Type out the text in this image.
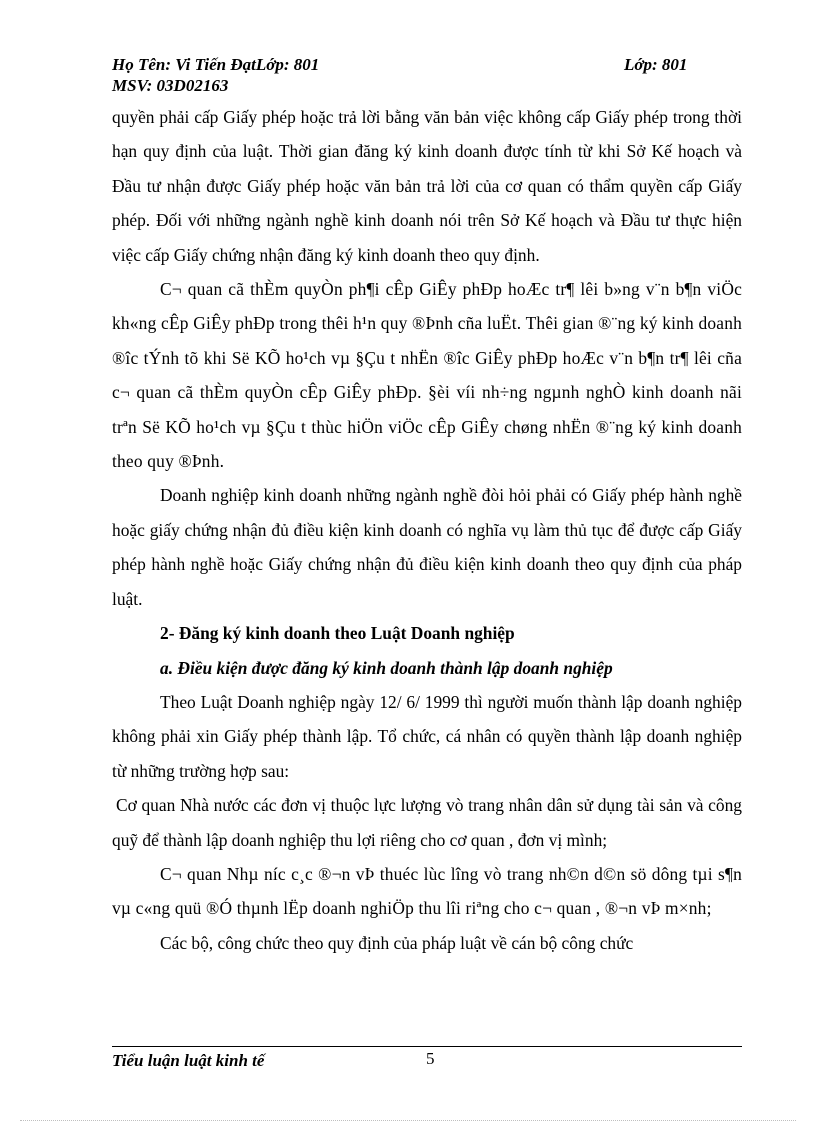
Họ Tên: Vi Tiến ĐạtLớp: 801	Lớp: 801
MSV: 03D02163

quyền phải cấp Giấy phép hoặc trả lời bằng văn bản việc không cấp Giấy phép trong thời hạn quy định của luật. Thời gian đăng ký kinh doanh được tính từ khi Sở Kế hoạch và Đầu tư nhận được Giấy phép hoặc văn bản trả lời của cơ quan có thẩm quyền cấp Giấy phép. Đối với những ngành nghề kinh doanh nói trên Sở Kế hoạch và Đầu tư thực hiện việc cấp Giấy chứng nhận đăng ký kinh doanh theo quy định.

C¬ quan cã thÈm quyÒn ph¶i cÊp GiÊy phÐp hoÆc tr¶ lêi b»ng v¨n b¶n viÖc kh«ng cÊp GiÊy phÐp trong thêi h¹n quy ®Þnh cña luËt. Thêi gian ®¨ng ký kinh doanh ®îc tÝnh tõ khi Së KÕ ho¹ch vµ §Çu t nhËn ®îc GiÊy phÐp hoÆc v¨n b¶n tr¶ lêi cña c¬ quan cã thÈm quyÒn cÊp GiÊy phÐp. §èi víi nh÷ng ngµnh nghÒ kinh doanh nãi trªn Së KÕ ho¹ch vµ §Çu t thùc hiÖn viÖc cÊp GiÊy chøng nhËn ®¨ng ký kinh doanh theo quy ®Þnh.

Doanh nghiệp kinh doanh những ngành nghề đòi hỏi phải có Giấy phép hành nghề hoặc giấy chứng nhận đủ điều kiện kinh doanh có nghĩa vụ làm thủ tục để được cấp Giấy phép hành nghề hoặc Giấy chứng nhận đủ điều kiện kinh doanh theo quy định của pháp luật.

2- Đăng ký kinh doanh theo Luật Doanh nghiệp

a. Điều kiện được đăng ký kinh doanh thành lập doanh nghiệp

Theo Luật Doanh nghiệp ngày 12/ 6/ 1999 thì người muốn thành lập doanh nghiệp không phải xin Giấy phép thành lập. Tổ chức, cá nhân có quyền thành lập doanh nghiệp từ những trường hợp sau:

Cơ quan Nhà nước các đơn vị thuộc lực lượng vò trang nhân dân sử dụng tài sản và công quỹ để thành lập doanh nghiệp thu lợi riêng cho cơ quan , đơn vị mình;

C¬ quan Nhµ níc c¸c ®¬n vÞ thuéc lùc lîng vò trang nh©n d©n sö dông tµi s¶n vµ c«ng quü ®Ó thµnh lËp doanh nghiÖp thu lîi riªng cho c¬ quan , ®¬n vÞ m×nh;

Các bộ, công chức theo quy định của pháp luật về cán bộ công chức

Tiểu luận luật kinh tế	5
